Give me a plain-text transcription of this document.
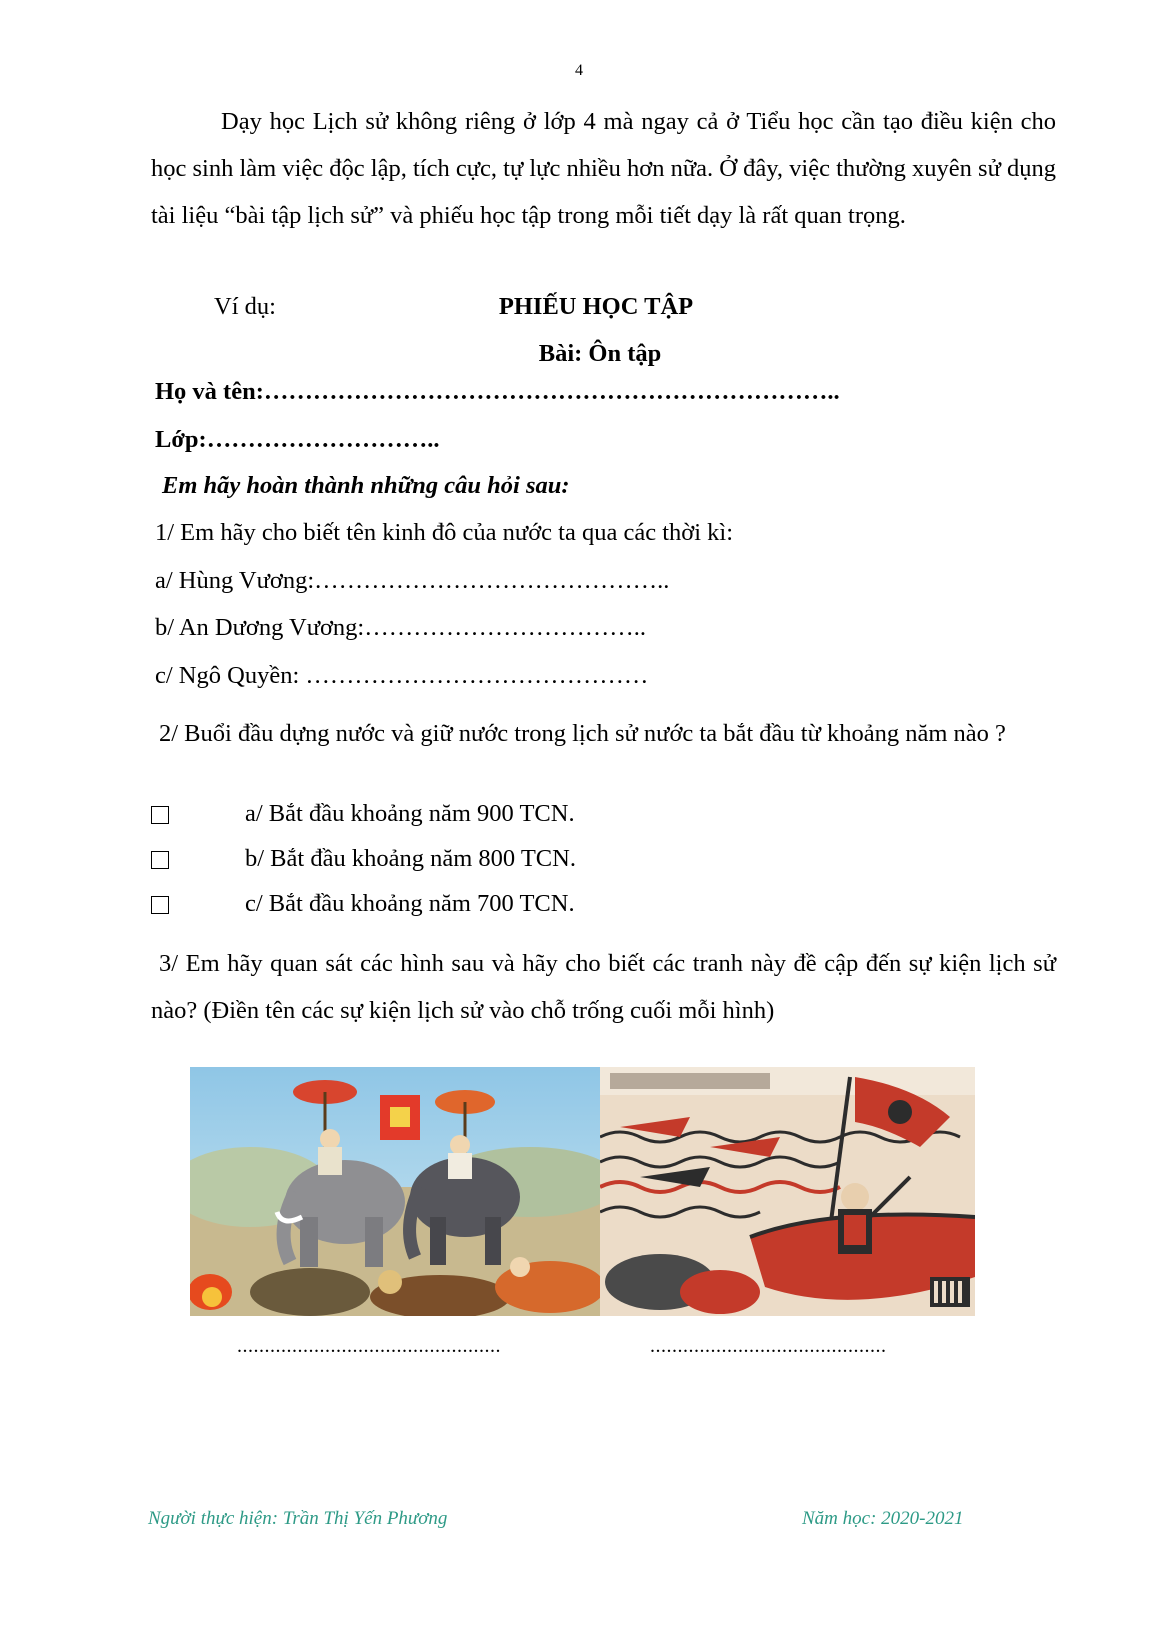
4

Dạy học Lịch sử không riêng ở lớp 4 mà ngay cả ở Tiểu học cần tạo điều kiện cho học sinh làm việc độc lập, tích cực, tự lực nhiều hơn nữa. Ở đây, việc thường xuyên sử dụng tài liệu “bài tập lịch sử” và phiếu học tập trong mỗi tiết dạy là rất quan trọng.

Ví dụ:	PHIẾU HỌC TẬP
Bài: Ôn tập
Họ và tên:……………………………………………………………..
Lớp:………………………..
Em hãy hoàn thành những câu hỏi sau:
1/ Em hãy cho biết tên kinh đô của nước ta qua các thời kì:
a/ Hùng Vương:……………………………………..
b/ An Dương Vương:……………………………..
c/ Ngô Quyền: ……………………………………

2/ Buổi đầu dựng nước và giữ nước trong lịch sử nước ta bắt đầu từ khoảng năm nào ?

a/ Bắt đầu khoảng năm 900 TCN.
b/ Bắt đầu khoảng năm 800 TCN.
c/ Bắt đầu khoảng năm 700 TCN.

3/ Em hãy quan sát các hình sau và hãy cho biết các tranh này đề cập đến sự kiện lịch sử nào? (Điền tên các sự kiện lịch sử vào chỗ trống cuối mỗi hình)

................................................	...........................................
Người thực hiện: Trần Thị Yến Phương	Năm học: 2020-2021
